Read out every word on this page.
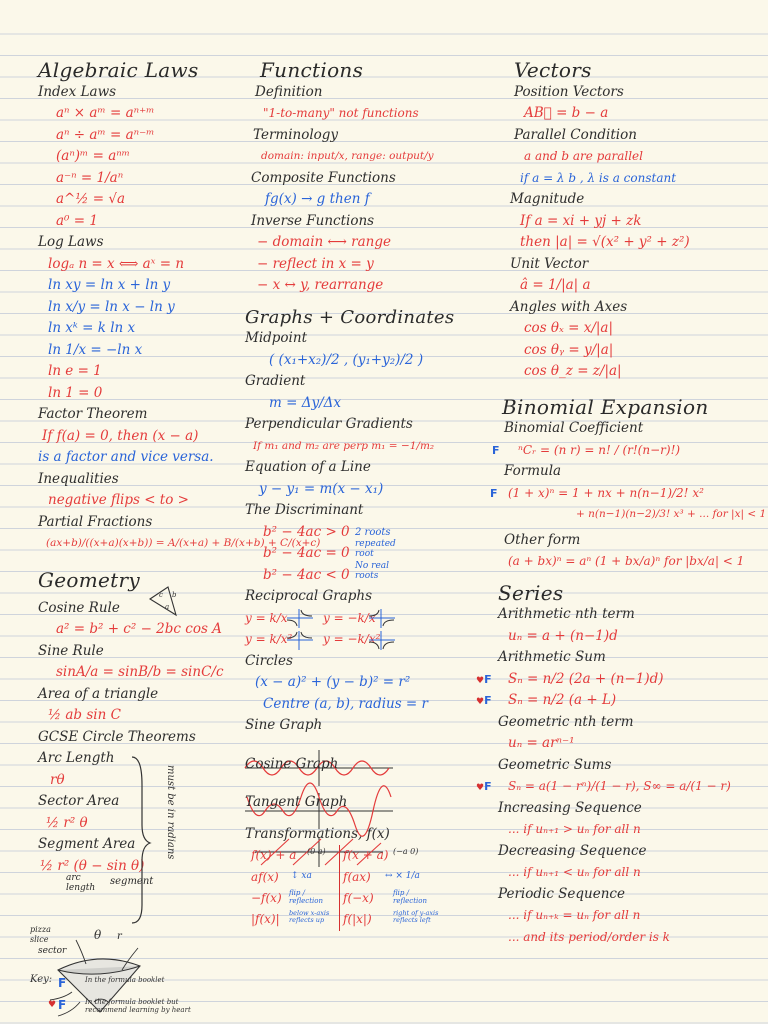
Algebraic Laws
Index Laws
aⁿ × aᵐ = aⁿ⁺ᵐ
aⁿ ÷ aᵐ = aⁿ⁻ᵐ
(aⁿ)ᵐ = aⁿᵐ
a⁻ⁿ = 1/aⁿ
a^½ = √a
a⁰ = 1
Log Laws
logₐ n = x ⟺ aˣ = n
ln xy = ln x + ln y
ln x/y = ln x − ln y
ln xᵏ = k ln x
ln 1/x = −ln x
ln e = 1
ln 1 = 0
Factor Theorem
If f(a) = 0, then (x − a)
is a factor and vice versa.
Inequalities
negative flips < to >
Partial Fractions
(ax+b)/((x+a)(x+b)) = A/(x+a) + B/(x+b) + C/(x+c)
Geometry
c b
a
Cosine Rule
a² = b² + c² − 2bc cos A
Sine Rule
sinA/a = sinB/b = sinC/c
Area of a triangle
½ ab sin C
GCSE Circle Theorems
Arc Length
rθ
Sector Area
½ r² θ
Segment Area
½ r² (θ − sin θ)
must be in radians
arc length
segment
pizza slice
sector
θ r
Functions
Definition
"1-to-many" not functions
Terminology
domain: input/x, range: output/y
Composite Functions
fg(x) → g then f
Inverse Functions
− domain ⟷ range
− reflect in x = y
− x ↔ y, rearrange
Graphs + Coordinates
Midpoint
( (x₁+x₂)/2 , (y₁+y₂)/2 )
Gradient
m = Δy/Δx
Perpendicular Gradients
If m₁ and m₂ are perp m₁ = −1/m₂
Equation of a Line
y − y₁ = m(x − x₁)
The Discriminant
b² − 4ac > 0 2 roots
b² − 4ac = 0
repeated root
b² − 4ac < 0
No real roots
Reciprocal Graphs
y = k/x	y = −k/x
y = k/x²	y = −k/x²
Circles
(x − a)² + (y − b)² = r²
Centre (a, b), radius = r
Sine Graph
Cosine Graph
Tangent Graph
Transformations, f(x)
f(x) + a	(0 a) f(x + a) (−a 0)
af(x) ↕ xa	f(ax) ↔ × 1/a
−f(x) flip / reflection	f(−x)	flip / reflection
|f(x)| below x-axis reflects up	f(|x|)	right of y-axis reflects left
Vectors
Position Vectors
AB⃗ = b − a
Parallel Condition
a and b are parallel
if a = λ b , λ is a constant
Magnitude
If a = xi + yj + zk
then |a| = √(x² + y² + z²)
Unit Vector
â = 1/|a| a
Angles with Axes
cos θₓ = x/|a|
cos θᵧ = y/|a|
cos θ_z = z/|a|
Binomial Expansion
Binomial Coefficient
F ⁿCᵣ = (n r) = n! / (r!(n−r)!)
Formula
F (1 + x)ⁿ = 1 + nx + n(n−1)/2! x²
+ n(n−1)(n−2)/3! x³ + ... for |x| < 1
Other form
(a + bx)ⁿ = aⁿ (1 + bx/a)ⁿ for |bx/a| < 1
Series
Arithmetic nth term
uₙ = a + (n−1)d
Arithmetic Sum
♥F Sₙ = n/2 (2a + (n−1)d)
♥F Sₙ = n/2 (a + L)
Geometric nth term
uₙ = arⁿ⁻¹
Geometric Sums
♥F Sₙ = a(1 − rⁿ)/(1 − r), S∞ = a/(1 − r)
Increasing Sequence
... if uₙ₊₁ > uₙ for all n
Decreasing Sequence
... if uₙ₊₁ < uₙ for all n
Periodic Sequence
... if uₙ₊ₖ = uₙ for all n
... and its period/order is k
Key: F	In the formula booklet
♥ F	In the formula booklet but recommend learning by heart
